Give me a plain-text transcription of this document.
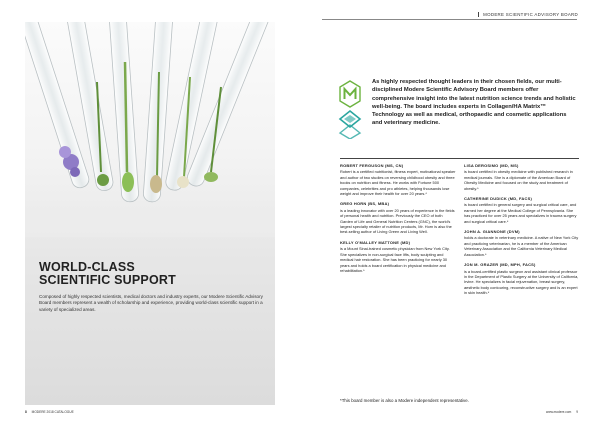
WORLD-CLASS
SCIENTIFIC SUPPORT
Composed of highly respected scientists, medical doctors and industry experts, our Modere Scientific Advisory Board members represent a wealth of scholarship and experience, providing world-class scientific support in a variety of specialized areas.
8 MODERE 2018 CATALOGUE
MODERE SCIENTIFIC ADVISORY BOARD
As highly respected thought leaders in their chosen fields, our multi-disciplined Modere Scientific Advisory Board members offer comprehensive insight into the latest nutrition science trends and holistic well-being. The board includes experts in Collagen/HA Matrix™ Technology as well as medical, orthopaedic and cosmetic applications and veterinary medicine.
ROBERT FERGUSON (MS, CN)
Robert is a certified nutritionist, fitness expert, motivational speaker and author of two studies on reversing childhood obesity and three books on nutrition and fitness. He works with Fortune 500 companies, celebrities and pro athletes, helping thousands lose weight and improve their health for over 20 years.*
GREG HORN (BS, MBA)
is a leading innovator with over 20 years of experience in the fields of personal health and nutrition. Previously the CEO of both Garden of Life and General Nutrition Centers (GNC), the world's largest specialty retailer of nutrition products, Mr. Horn is also the best-selling author of Living Green and Living Well.
KELLY O'MALLEY MATTONE (MD)
is a Mount Sinai-trained cosmetic physician from New York City. She specializes in non-surgical face lifts, body sculpting and medical hair restoration. She has been practicing for nearly 30 years and holds a board certification in physical medicine and rehabilitation.*
LISA DEROSIMO (MD, MS)
is board certified in obesity medicine with published research in medical journals. She is a diplomate of the American Board of Obesity Medicine and focused on the study and treatment of obesity.*
CATHERINE DUDICK (MD, FACS)
is board certified in general surgery and surgical critical care, and earned her degree at the Medical College of Pennsylvania. She has practiced for over 25 years and specializes in trauma surgery and surgical critical care.*
JOHN A. GIANNONE (DVM)
holds a doctorate in veterinary medicine. A native of New York City and practicing veterinarian, he is a member of the American Veterinary Association and the California Veterinary Medical Association.*
JON M. GRAZER (MD, MPH, FACS)
is a board-certified plastic surgeon and assistant clinical professor in the Department of Plastic Surgery at the University of California, Irvine. He specializes in facial rejuvenation, breast surgery, aesthetic body contouring, reconstructive surgery and is an expert in skin health.*
*This board member is also a Modere independent representative.
www.modere.com 9
